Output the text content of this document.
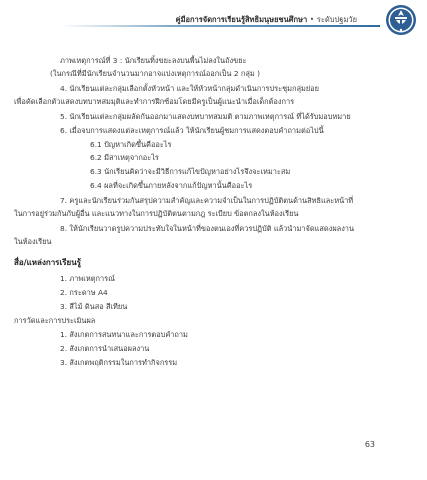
คู่มือการจัดการเรียนรู้สิทธิมนุษยชนศึกษา • ระดับปฐมวัย
ภาพเหตุการณ์ที่ 3 : นักเรียนทิ้งขยะลงบนพื้นไม่ลงในถังขยะ
(ในกรณีที่มีนักเรียนจำนวนมากอาจแบ่งเหตุการณ์ออกเป็น 2 กลุ่ม )
4. นักเรียนแต่ละกลุ่มเลือกตั้งหัวหน้า และให้หัวหน้ากลุ่มดำเนินการประชุมกลุ่มย่อย
เพื่อคัดเลือกตัวแสดงบทบาทสมมุติและทำการฝึกซ้อมโดยมีครูเป็นผู้แนะนำเมื่อเด็กต้องการ
5. นักเรียนแต่ละกลุ่มผลัดกันออกมาแสดงบทบาทสมมติ ตามภาพเหตุการณ์ ที่ได้รับมอบหมาย
6. เมื่อจบการแสดงแต่ละเหตุการณ์แล้ว ให้นักเรียนผู้ชมการแสดงตอบคำถามต่อไปนี้
6.1 ปัญหาเกิดขึ้นคืออะไร
6.2 มีสาเหตุจากอะไร
6.3 นักเรียนคิดว่าจะมีวิธีการแก้ไขปัญหาอย่างไรจึงจะเหมาะสม
6.4 ผลที่จะเกิดขึ้นภายหลังจากแก้ปัญหานั้นคืออะไร
7. ครูและนักเรียนร่วมกันสรุปความสำคัญและความจำเป็นในการปฏิบัติตนด้านสิทธิและหน้าที่
ในการอยู่ร่วมกันกับผู้อื่น และแนวทางในการปฏิบัติตนตามกฎ ระเบียบ ข้อตกลงในห้องเรียน
8. ให้นักเรียนวาดรูปความประทับใจในหน้าที่ของตนเองที่ควรปฏิบัติ แล้วนำมาจัดแสดงผลงาน
ในห้องเรียน
สื่อ/แหล่งการเรียนรู้
1. ภาพเหตุการณ์
2. กระดาษ A4
3. สีไม้ ดินสอ สีเทียน
การวัดและการประเมินผล
1. สังเกตการสนทนาและการตอบคำถาม
2. สังเกตการนำเสนอผลงาน
3. สังเกตพฤติกรรมในการทำกิจกรรม
63
